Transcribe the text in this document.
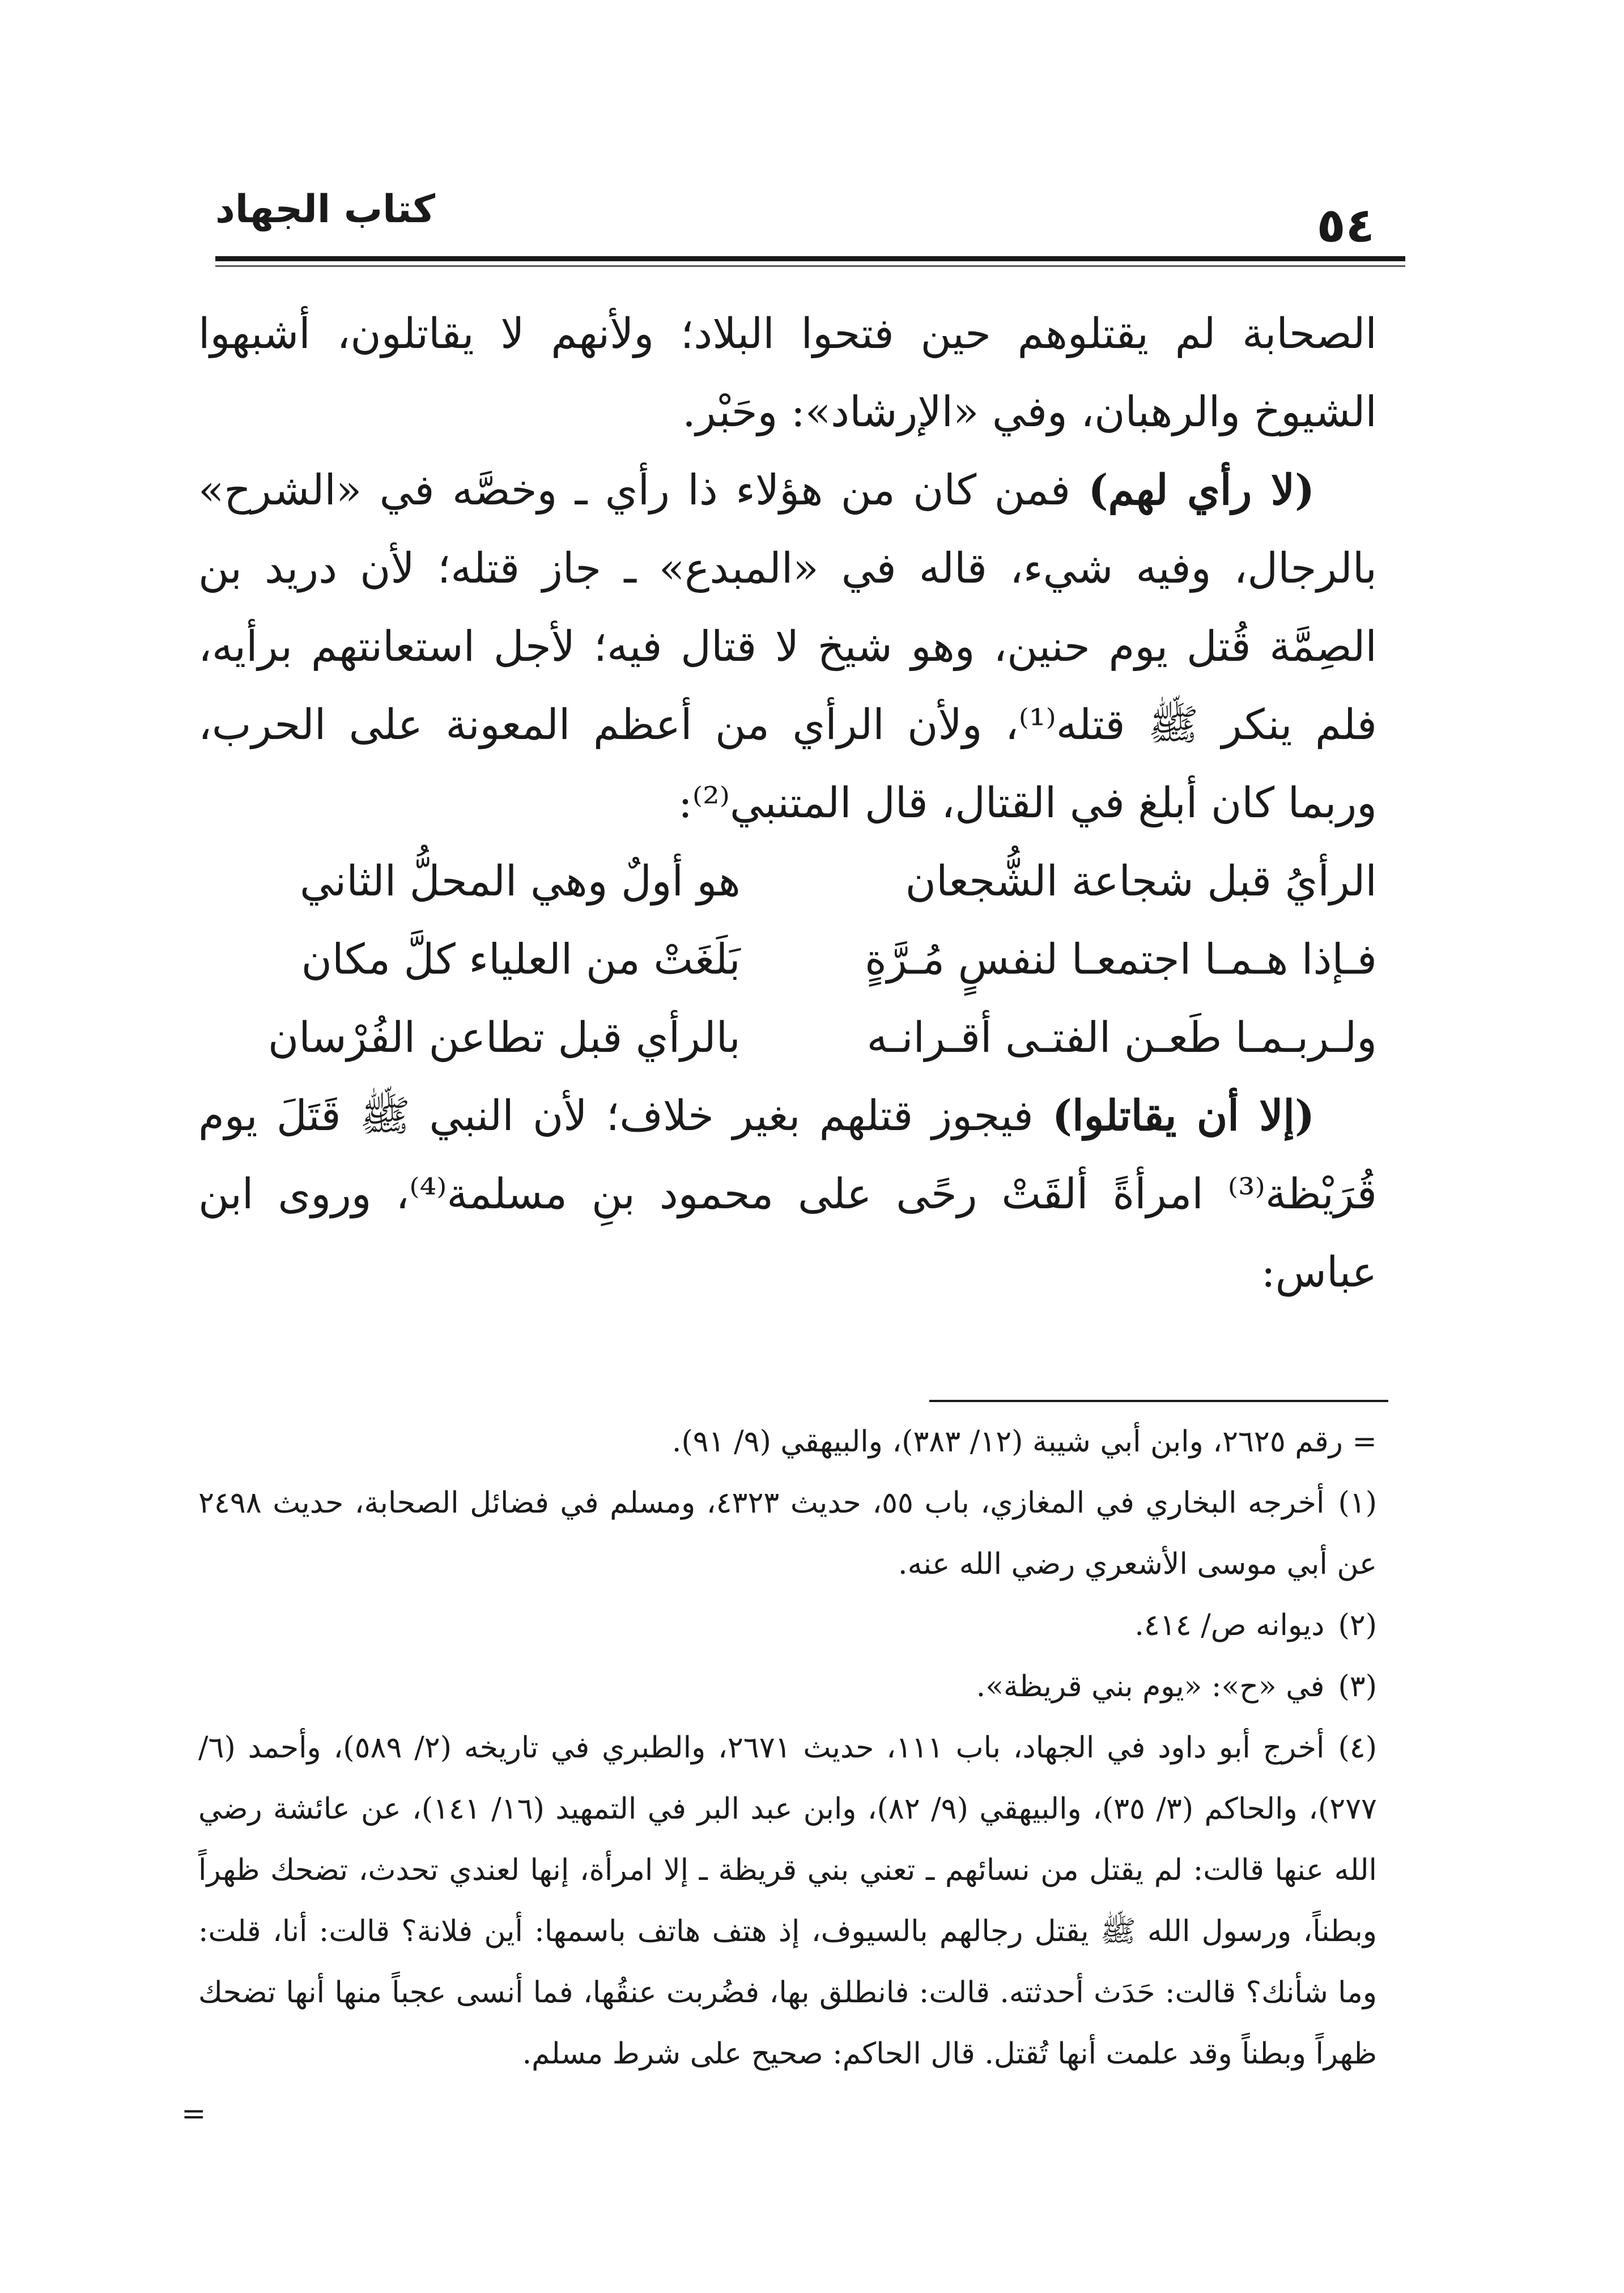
كتاب الجهاد	٥٤

الصحابة لم يقتلوهم حين فتحوا البلاد؛ ولأنهم لا يقاتلون، أشبهوا الشيوخ والرهبان، وفي «الإرشاد»: وحَبْر.

(لا رأي لهم) فمن كان من هؤلاء ذا رأي ـ وخصَّه في «الشرح» بالرجال، وفيه شيء، قاله في «المبدع» ـ جاز قتله؛ لأن دريد بن الصِمَّة قُتل يوم حنين، وهو شيخ لا قتال فيه؛ لأجل استعانتهم برأيه، فلم ينكر ﷺ قتله⁽¹⁾، ولأن الرأي من أعظم المعونة على الحرب، وربما كان أبلغ في القتال، قال المتنبي⁽²⁾:

الرأيُ قبل شجاعة الشُّجعان
هو أولٌ وهي المحلُّ الثاني
فـإذا هـمـا اجتمعـا لنفسٍ مُـرَّةٍ
بَلَغَتْ من العلياء كلَّ مكان
ولـربـمـا طَعـن الفتـى أقـرانـه
بالرأي قبل تطاعن الفُرْسان

(إلا أن يقاتلوا) فيجوز قتلهم بغير خلاف؛ لأن النبي ﷺ قَتَلَ يوم قُرَيْظة⁽³⁾ امرأةً ألقَتْ رحًى على محمود بنِ مسلمة⁽⁴⁾، وروى ابن عباس:

= رقم ٢٦٢٥، وابن أبي شيبة (١٢/ ٣٨٣)، والبيهقي (٩/ ٩١).

(١)أخرجه البخاري في المغازي، باب ٥٥، حديث ٤٣٢٣، ومسلم في فضائل الصحابة، حديث ٢٤٩٨ عن أبي موسى الأشعري رضي الله عنه.

(٢)ديوانه ص/ ٤١٤.

(٣)في «ح»: «يوم بني قريظة».

(٤)أخرج أبو داود في الجهاد، باب ١١١، حديث ٢٦٧١، والطبري في تاريخه (٢/ ٥٨٩)، وأحمد (٦/ ٢٧٧)، والحاكم (٣/ ٣٥)، والبيهقي (٩/ ٨٢)، وابن عبد البر في التمهيد (١٦/ ١٤١)، عن عائشة رضي الله عنها قالت: لم يقتل من نسائهم ـ تعني بني قريظة ـ إلا امرأة، إنها لعندي تحدث، تضحك ظهراً وبطناً، ورسول الله ﷺ يقتل رجالهم بالسيوف، إذ هتف هاتف باسمها: أين فلانة؟ قالت: أنا، قلت: وما شأنك؟ قالت: حَدَث أحدثته. قالت: فانطلق بها، فضُربت عنقُها، فما أنسى عجباً منها أنها تضحك ظهراً وبطناً وقد علمت أنها تُقتل. قال الحاكم: صحيح على شرط مسلم.

=
